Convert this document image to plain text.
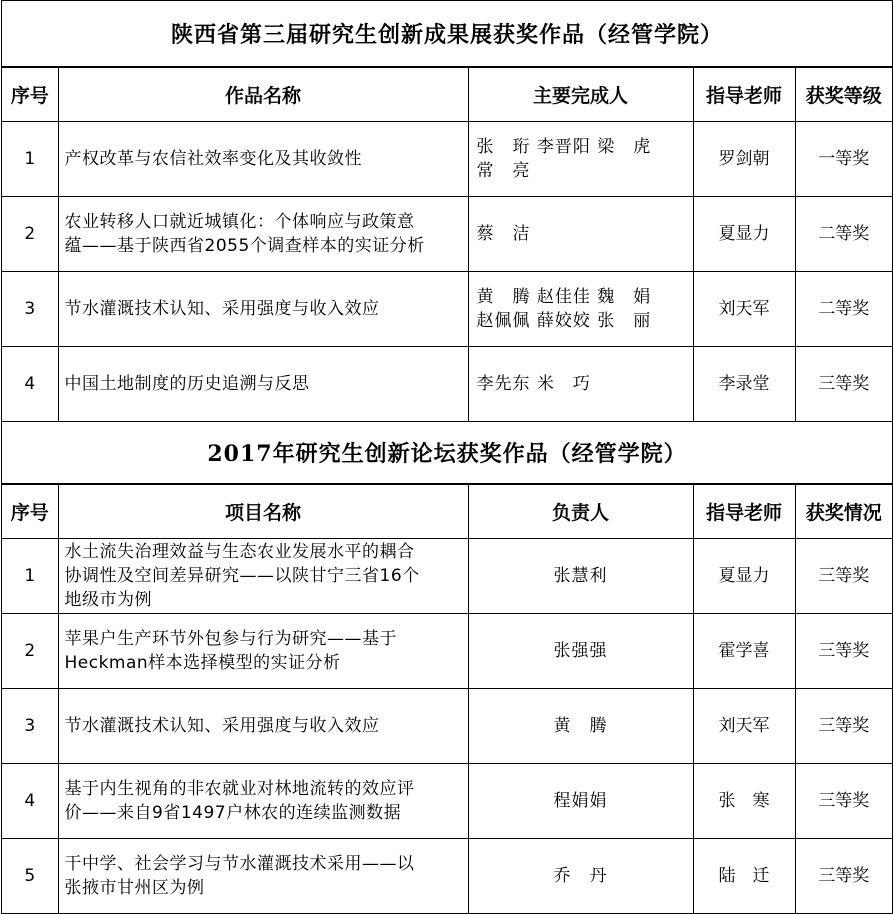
陕西省第三届研究生创新成果展获奖作品（经管学院）
序号	作品名称	主要完成人	指导老师	获奖等级
1	产权改革与农信社效率变化及其收敛性	张　珩 李晋阳 梁　虎
常　亮	罗剑朝	一等奖
2	农业转移人口就近城镇化：个体响应与政策意
蕴——基于陕西省2055个调查样本的实证分析	蔡　洁	夏显力	二等奖
3	节水灌溉技术认知、采用强度与收入效应	黄　腾 赵佳佳 魏　娟
赵佩佩 薛姣姣 张　丽	刘天军	二等奖
4	中国土地制度的历史追溯与反思	李先东 米　巧	李录堂	三等奖
2017年研究生创新论坛获奖作品（经管学院）
序号	项目名称	负责人	指导老师	获奖情况
1	水土流失治理效益与生态农业发展水平的耦合
协调性及空间差异研究——以陕甘宁三省16个
地级市为例	张慧利	夏显力	三等奖
2	苹果户生产环节外包参与行为研究——基于
Heckman样本选择模型的实证分析	张强强	霍学喜	三等奖
3	节水灌溉技术认知、采用强度与收入效应	黄　腾	刘天军	三等奖
4	基于内生视角的非农就业对林地流转的效应评
价——来自9省1497户林农的连续监测数据	程娟娟	张　寒	三等奖
5	干中学、社会学习与节水灌溉技术采用——以
张掖市甘州区为例	乔　丹	陆　迁	三等奖
